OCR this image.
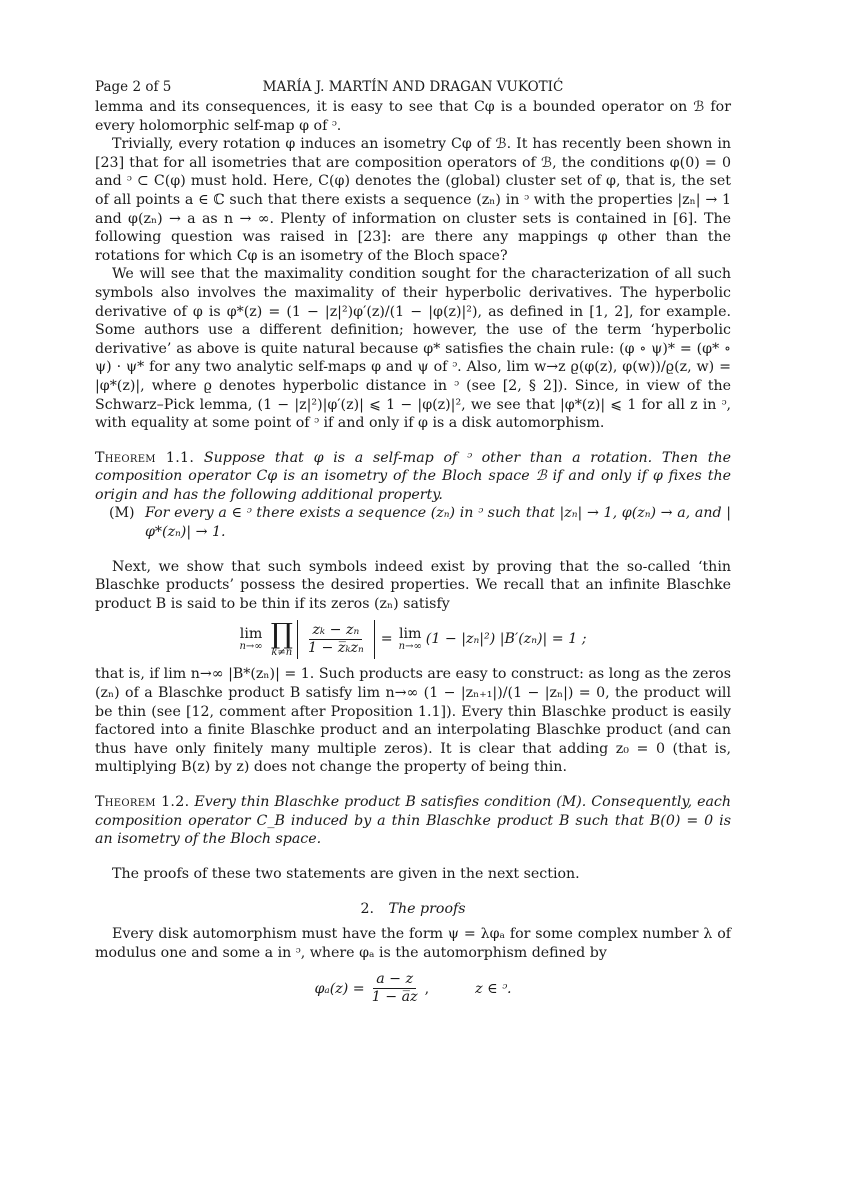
Page 2 of 5	MARÍA J. MARTÍN AND DRAGAN VUKOTIĆ

lemma and its consequences, it is easy to see that Cφ is a bounded operator on ℬ for every holomorphic self-map φ of ᵓ.

Trivially, every rotation φ induces an isometry Cφ of ℬ. It has recently been shown in [23] that for all isometries that are composition operators of ℬ, the conditions φ(0) = 0 and ᵓ ⊂ C(φ) must hold. Here, C(φ) denotes the (global) cluster set of φ, that is, the set of all points a ∈ ℂ such that there exists a sequence (zₙ) in ᵓ with the properties |zₙ| → 1 and φ(zₙ) → a as n → ∞. Plenty of information on cluster sets is contained in [6]. The following question was raised in [23]: are there any mappings φ other than the rotations for which Cφ is an isometry of the Bloch space?

We will see that the maximality condition sought for the characterization of all such symbols also involves the maximality of their hyperbolic derivatives. The hyperbolic derivative of φ is φ*(z) = (1 − |z|²)φ′(z)/(1 − |φ(z)|²), as defined in [1, 2], for example. Some authors use a different definition; however, the use of the term ‘hyperbolic derivative’ as above is quite natural because φ* satisfies the chain rule: (φ ∘ ψ)* = (φ* ∘ ψ) · ψ* for any two analytic self-maps φ and ψ of ᵓ. Also, lim w→z ϱ(φ(z), φ(w))/ϱ(z, w) = |φ*(z)|, where ϱ denotes hyperbolic distance in ᵓ (see [2, § 2]). Since, in view of the Schwarz–Pick lemma, (1 − |z|²)|φ′(z)| ⩽ 1 − |φ(z)|², we see that |φ*(z)| ⩽ 1 for all z in ᵓ, with equality at some point of ᵓ if and only if φ is a disk automorphism.

Theorem 1.1. Suppose that φ is a self-map of ᵓ other than a rotation. Then the composition operator Cφ is an isometry of the Bloch space ℬ if and only if φ fixes the origin and has the following additional property.

(M) For every a ∈ ᵓ there exists a sequence (zₙ) in ᵓ such that |zₙ| → 1, φ(zₙ) → a, and |φ*(zₙ)| → 1.

Next, we show that such symbols indeed exist by proving that the so-called ‘thin Blaschke products’ possess the desired properties. We recall that an infinite Blaschke product B is said to be thin if its zeros (zₙ) satisfy

lim
n→∞ ∏
$k\ne n \frac{\text{zₖ − zₙ}}{\text{1 − z̅ₖzₙ}} = \lim$
n→∞ (1 − |zₙ|²) |B′(zₙ)| = 1 ;

that is, if lim n→∞ |B*(zₙ)| = 1. Such products are easy to construct: as long as the zeros (zₙ) of a Blaschke product B satisfy lim n→∞ (1 − |zₙ₊₁|)/(1 − |zₙ|) = 0, the product will be thin (see [12, comment after Proposition 1.1]). Every thin Blaschke product is easily factored into a finite Blaschke product and an interpolating Blaschke product (and can thus have only finitely many multiple zeros). It is clear that adding z₀ = 0 (that is, multiplying B(z) by z) does not change the property of being thin.

Theorem 1.2. Every thin Blaschke product B satisfies condition (M). Consequently, each composition operator C_B induced by a thin Blaschke product B such that B(0) = 0 is an isometry of the Bloch space.

The proofs of these two statements are given in the next section.

2. The proofs

Every disk automorphism must have the form ψ = λφₐ for some complex number λ of modulus one and some a in ᵓ, where φₐ is the automorphism defined by

$\varphi_a(z) = \frac{a - z}{1 - a̅z}$ ,	z ∈ ᵓ.
